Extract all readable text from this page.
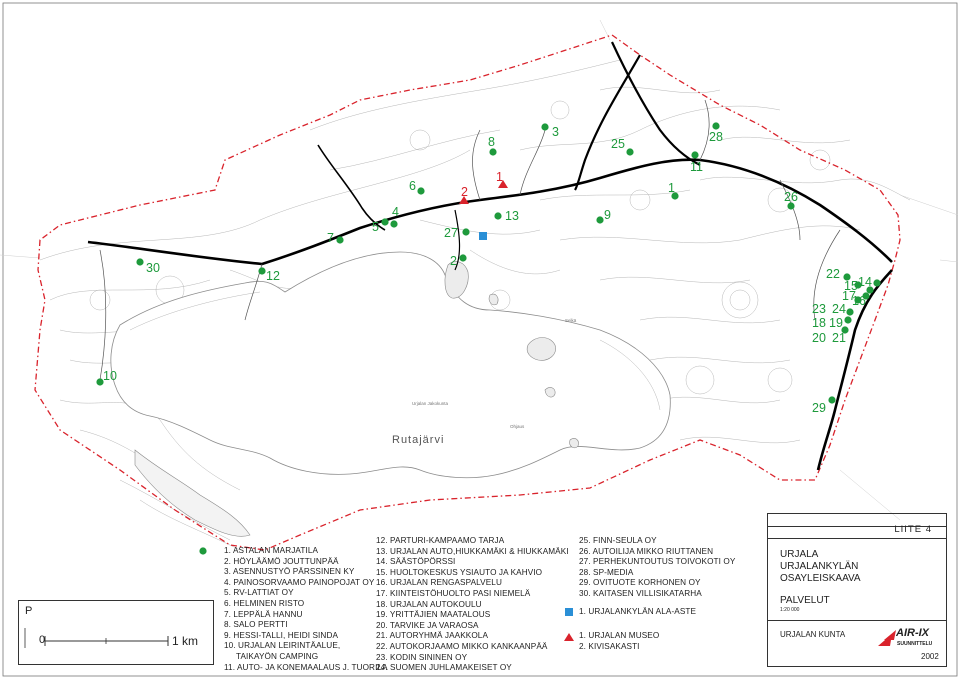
3
8
6
4
5
7	27
2
13	9
25
11
28
1
26
30
12
10
29
22
14
15
16
17
23 24
18 19
20 21
1
2
Rutajärvi
Urjalan Jakokunta
Ohjaus
Selkä
1. ASTALAN MARJATILA
2. HÖYLÄÄMÖ JOUTTUNPÄÄ
3. ASENNUSTYÖ PÄRSSINEN KY
4. PAINOSORVAAMO PAINOPOJAT OY
5. RV-LATTIAT OY
6. HELMINEN RISTO
7. LEPPÄLÄ HANNU
8. SALO PERTTI
9. HESSI-TALLI, HEIDI SINDA
10. URJALAN LEIRINTÄALUE,
TAIKAYÖN CAMPING
11. AUTO- JA KONEMAALAUS J. TUORILA
12. PARTURI-KAMPAAMO TARJA
13. URJALAN AUTO,HIUKKAMÄKI & HIUKKAMÄKI
14. SÄÄSTÖPÖRSSI
15. HUOLTOKESKUS YSIAUTO JA KAHVIO
16. URJALAN RENGASPALVELU
17. KIINTEISTÖHUOLTO PASI NIEMELÄ
18. URJALAN AUTOKOULU
19. YRITTÄJIEN MAATALOUS
20. TARVIKE JA VARAOSA
21. AUTORYHMÄ JAAKKOLA
22. AUTOKORJAAMO MIKKO KANKAANPÄÄ
23. KODIN SININEN OY
24. SUOMEN JUHLAMAKEISET OY
25. FINN-SEULA OY
26. AUTOILIJA MIKKO RIUTTANEN
27. PERHEKUNTOUTUS TOIVOKOTI OY
28. SP-MEDIA
29. OVITUOTE KORHONEN OY
30. KAITASEN VILLISIKATARHA
1. URJALANKYLÄN ALA-ASTE
1. URJALAN MUSEO
2. KIVISAKASTI
P
0	1 km
LIITE 4
URJALA
URJALANKYLÄN
OSAYLEISKAAVA
PALVELUT
1:20 000
URJALAN KUNTA	AIR-IX
SUUNNITTELU
2002
